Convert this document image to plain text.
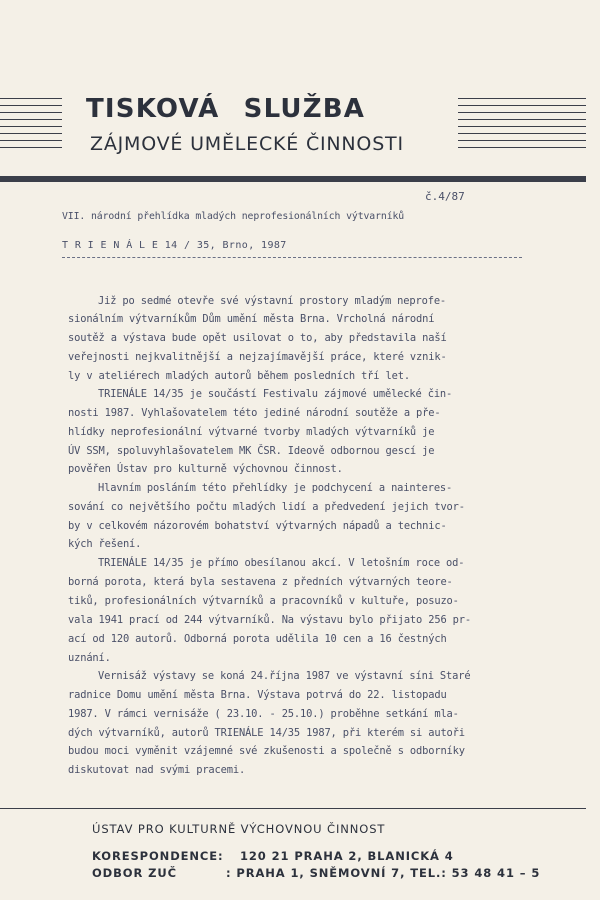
TISKOVÁ SLUŽBA
ZÁJMOVÉ UMĚLECKÉ ČINNOSTI
č.4/87
VII. národní přehlídka mladých neprofesionálních výtvarníků
T R I E N Á L E 14 / 35, Brno, 1987
Již po sedmé otevře své výstavní prostory mladým neprofe-
sionálním výtvarníkům Dům umění města Brna. Vrcholná národní
soutěž a výstava bude opět usilovat o to, aby představila naší
veřejnosti nejkvalitnější a nejzajímavější práce, které vznik-
ly v ateliérech mladých autorů během posledních tří let.
TRIENÁLE 14/35 je součástí Festivalu zájmové umělecké čin-
nosti 1987. Vyhlašovatelem této jediné národní soutěže a pře-
hlídky neprofesionální výtvarné tvorby mladých výtvarníků je
ÚV SSM, spoluvyhlašovatelem MK ČSR. Ideově odbornou gescí je
pověřen Ústav pro kulturně výchovnou činnost.
Hlavním posláním této přehlídky je podchycení a nainteres-
sování co největšího počtu mladých lidí a předvedení jejich tvor-
by v celkovém názorovém bohatství výtvarných nápadů a technic-
kých řešení.
TRIENÁLE 14/35 je přímo obesílanou akcí. V letošním roce od-
borná porota, která byla sestavena z předních výtvarných teore-
tiků, profesionálních výtvarníků a pracovníků v kultuře, posuzo-
vala 1941 prací od 244 výtvarníků. Na výstavu bylo přijato 256 pr-
ací od 120 autorů. Odborná porota udělila 10 cen a 16 čestných
uznání.
Vernisáž výstavy se koná 24.října 1987 ve výstavní síni Staré
radnice Domu umění města Brna. Výstava potrvá do 22. listopadu
1987. V rámci vernisáže ( 23.10. - 25.10.) proběhne setkání mla-
dých výtvarníků, autorů TRIENÁLE 14/35 1987, při kterém si autoři
budou moci vyměnit vzájemné své zkušenosti a společně s odborníky
diskutovat nad svými pracemi.
ÚSTAV PRO KULTURNĚ VÝCHOVNOU ČINNOST
KORESPONDENCE: 120 21 PRAHA 2, BLANICKÁ 4
ODBOR ZUČ	: PRAHA 1, SNĚMOVNÍ 7, TEL.: 53 48 41 – 5
